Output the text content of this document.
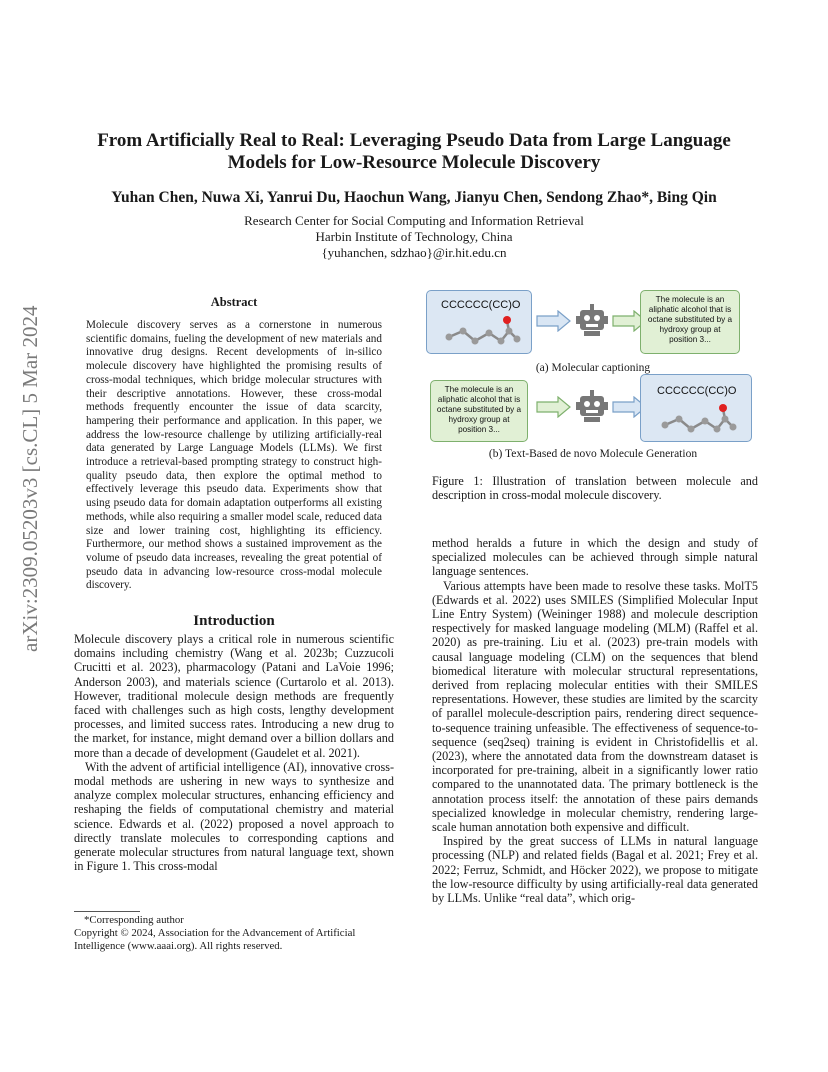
arXiv:2309.05203v3 [cs.CL] 5 Mar 2024
From Artificially Real to Real: Leveraging Pseudo Data from Large Language Models for Low-Resource Molecule Discovery
Yuhan Chen, Nuwa Xi, Yanrui Du, Haochun Wang, Jianyu Chen, Sendong Zhao*, Bing Qin
Research Center for Social Computing and Information Retrieval
Harbin Institute of Technology, China
{yuhanchen, sdzhao}@ir.hit.edu.cn
Abstract
Molecule discovery serves as a cornerstone in numerous scientific domains, fueling the development of new materials and innovative drug designs. Recent developments of in-silico molecule discovery have highlighted the promising results of cross-modal techniques, which bridge molecular structures with their descriptive annotations. However, these cross-modal methods frequently encounter the issue of data scarcity, hampering their performance and application. In this paper, we address the low-resource challenge by utilizing artificially-real data generated by Large Language Models (LLMs). We first introduce a retrieval-based prompting strategy to construct high-quality pseudo data, then explore the optimal method to effectively leverage this pseudo data. Experiments show that using pseudo data for domain adaptation outperforms all existing methods, while also requiring a smaller model scale, reduced data size and lower training cost, highlighting its efficiency. Furthermore, our method shows a sustained improvement as the volume of pseudo data increases, revealing the great potential of pseudo data in advancing low-resource cross-modal molecule discovery.
Introduction

Molecule discovery plays a critical role in numerous scientific domains including chemistry (Wang et al. 2023b; Cuzzucoli Crucitti et al. 2023), pharmacology (Patani and LaVoie 1996; Anderson 2003), and materials science (Curtarolo et al. 2013). However, traditional molecule design methods are frequently faced with challenges such as high costs, lengthy development processes, and limited success rates. Introducing a new drug to the market, for instance, might demand over a billion dollars and more than a decade of development (Gaudelet et al. 2021).

With the advent of artificial intelligence (AI), innovative cross-modal methods are ushering in new ways to synthesize and analyze complex molecular structures, enhancing efficiency and reshaping the fields of computational chemistry and material science. Edwards et al. (2022) proposed a novel approach to directly translate molecules to corresponding captions and generate molecular structures from natural language text, shown in Figure 1. This cross-modal

*Corresponding author
Copyright © 2024, Association for the Advancement of Artificial Intelligence (www.aaai.org). All rights reserved.
CCCCCC(CC)O	The molecule is an aliphatic alcohol that is octane substituted by a hydroxy group at position 3...
(a) Molecular captioning
The molecule is an aliphatic alcohol that is octane substituted by a hydroxy group at position 3...
CCCCCC(CC)O
(b) Text-Based de novo Molecule Generation
Figure 1: Illustration of translation between molecule and description in cross-modal molecule discovery.

method heralds a future in which the design and study of specialized molecules can be achieved through simple natural language sentences.

Various attempts have been made to resolve these tasks. MolT5 (Edwards et al. 2022) uses SMILES (Simplified Molecular Input Line Entry System) (Weininger 1988) and molecule description respectively for masked language modeling (MLM) (Raffel et al. 2020) as pre-training. Liu et al. (2023) pre-train models with causal language modeling (CLM) on the sequences that blend biomedical literature with molecular structural representations, derived from replacing molecular entities with their SMILES representations. However, these studies are limited by the scarcity of parallel molecule-description pairs, rendering direct sequence-to-sequence training unfeasible. The effectiveness of sequence-to-sequence (seq2seq) training is evident in Christofidellis et al. (2023), where the annotated data from the downstream dataset is incorporated for pre-training, albeit in a significantly lower ratio compared to the unannotated data. The primary bottleneck is the annotation process itself: the annotation of these pairs demands specialized knowledge in molecular chemistry, rendering large-scale human annotation both expensive and difficult.

Inspired by the great success of LLMs in natural language processing (NLP) and related fields (Bagal et al. 2021; Frey et al. 2022; Ferruz, Schmidt, and Höcker 2022), we propose to mitigate the low-resource difficulty by using artificially-real data generated by LLMs. Unlike “real data”, which orig-
